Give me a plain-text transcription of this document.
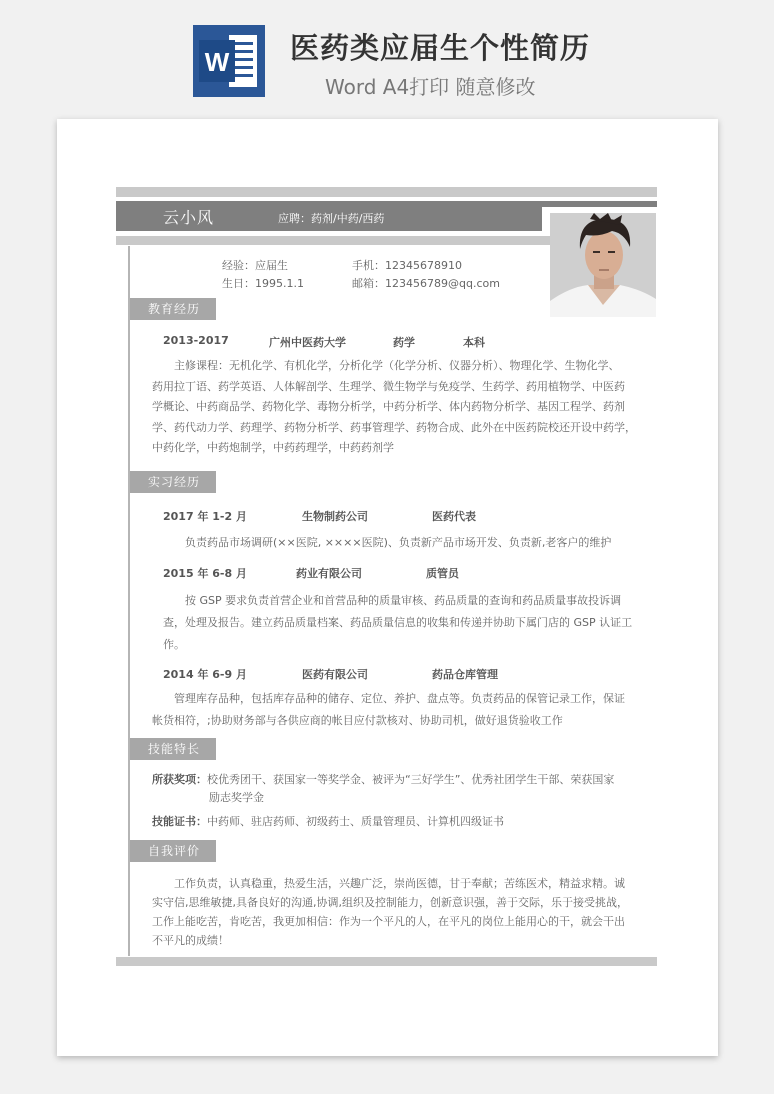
W 医药类应届生个性简历
Word A4打印 随意修改
云小风	应聘：药剂/中药/西药
经验：应届生	手机：12345678910
生日：1995.1.1	邮箱：123456789@qq.com
教育经历
2013-2017	广州中医药大学	药学	本科
主修课程：无机化学、有机化学，分析化学（化学分析、仪器分析）、物理化学、生物化学、
药用拉丁语、药学英语、人体解剖学、生理学、微生物学与免疫学、生药学、药用植物学、中医药
学概论、中药商品学、药物化学、毒物分析学，中药分析学、体内药物分析学、基因工程学、药剂
学、药代动力学、药理学、药物分析学、药事管理学、药物合成、此外在中医药院校还开设中药学，
中药化学，中药炮制学，中药药理学，中药药剂学
实习经历
2017 年 1-2 月	生物制药公司	医药代表
负责药品市场调研(××医院, ××××医院)、负责新产品市场开发、负责新,老客户的维护
2015 年 6-8 月	药业有限公司	质管员
按 GSP 要求负责首营企业和首营品种的质量审核、药品质量的查询和药品质量事故投诉调
查，处理及报告。建立药品质量档案、药品质量信息的收集和传递并协助下属门店的 GSP 认证工
作。
2014 年 6-9 月	医药有限公司	药品仓库管理
管理库存品种，包括库存品种的储存、定位、养护、盘点等。负责药品的保管记录工作，保证
帐货相符，;协助财务部与各供应商的帐目应付款核对、协助司机，做好退货验收工作
技能特长
所获奖项：校优秀团干、获国家一等奖学金、被评为“三好学生”、优秀社团学生干部、荣获国家
励志奖学金
技能证书：中药师、驻店药师、初级药士、质量管理员、计算机四级证书
自我评价
工作负责，认真稳重，热爱生活，兴趣广泛，崇尚医德，甘于奉献；苦练医术，精益求精。诚
实守信,思维敏捷,具备良好的沟通,协调,组织及控制能力，创新意识强，善于交际，乐于接受挑战，
工作上能吃苦，肯吃苦，我更加相信：作为一个平凡的人，在平凡的岗位上能用心的干，就会干出
不平凡的成绩！
